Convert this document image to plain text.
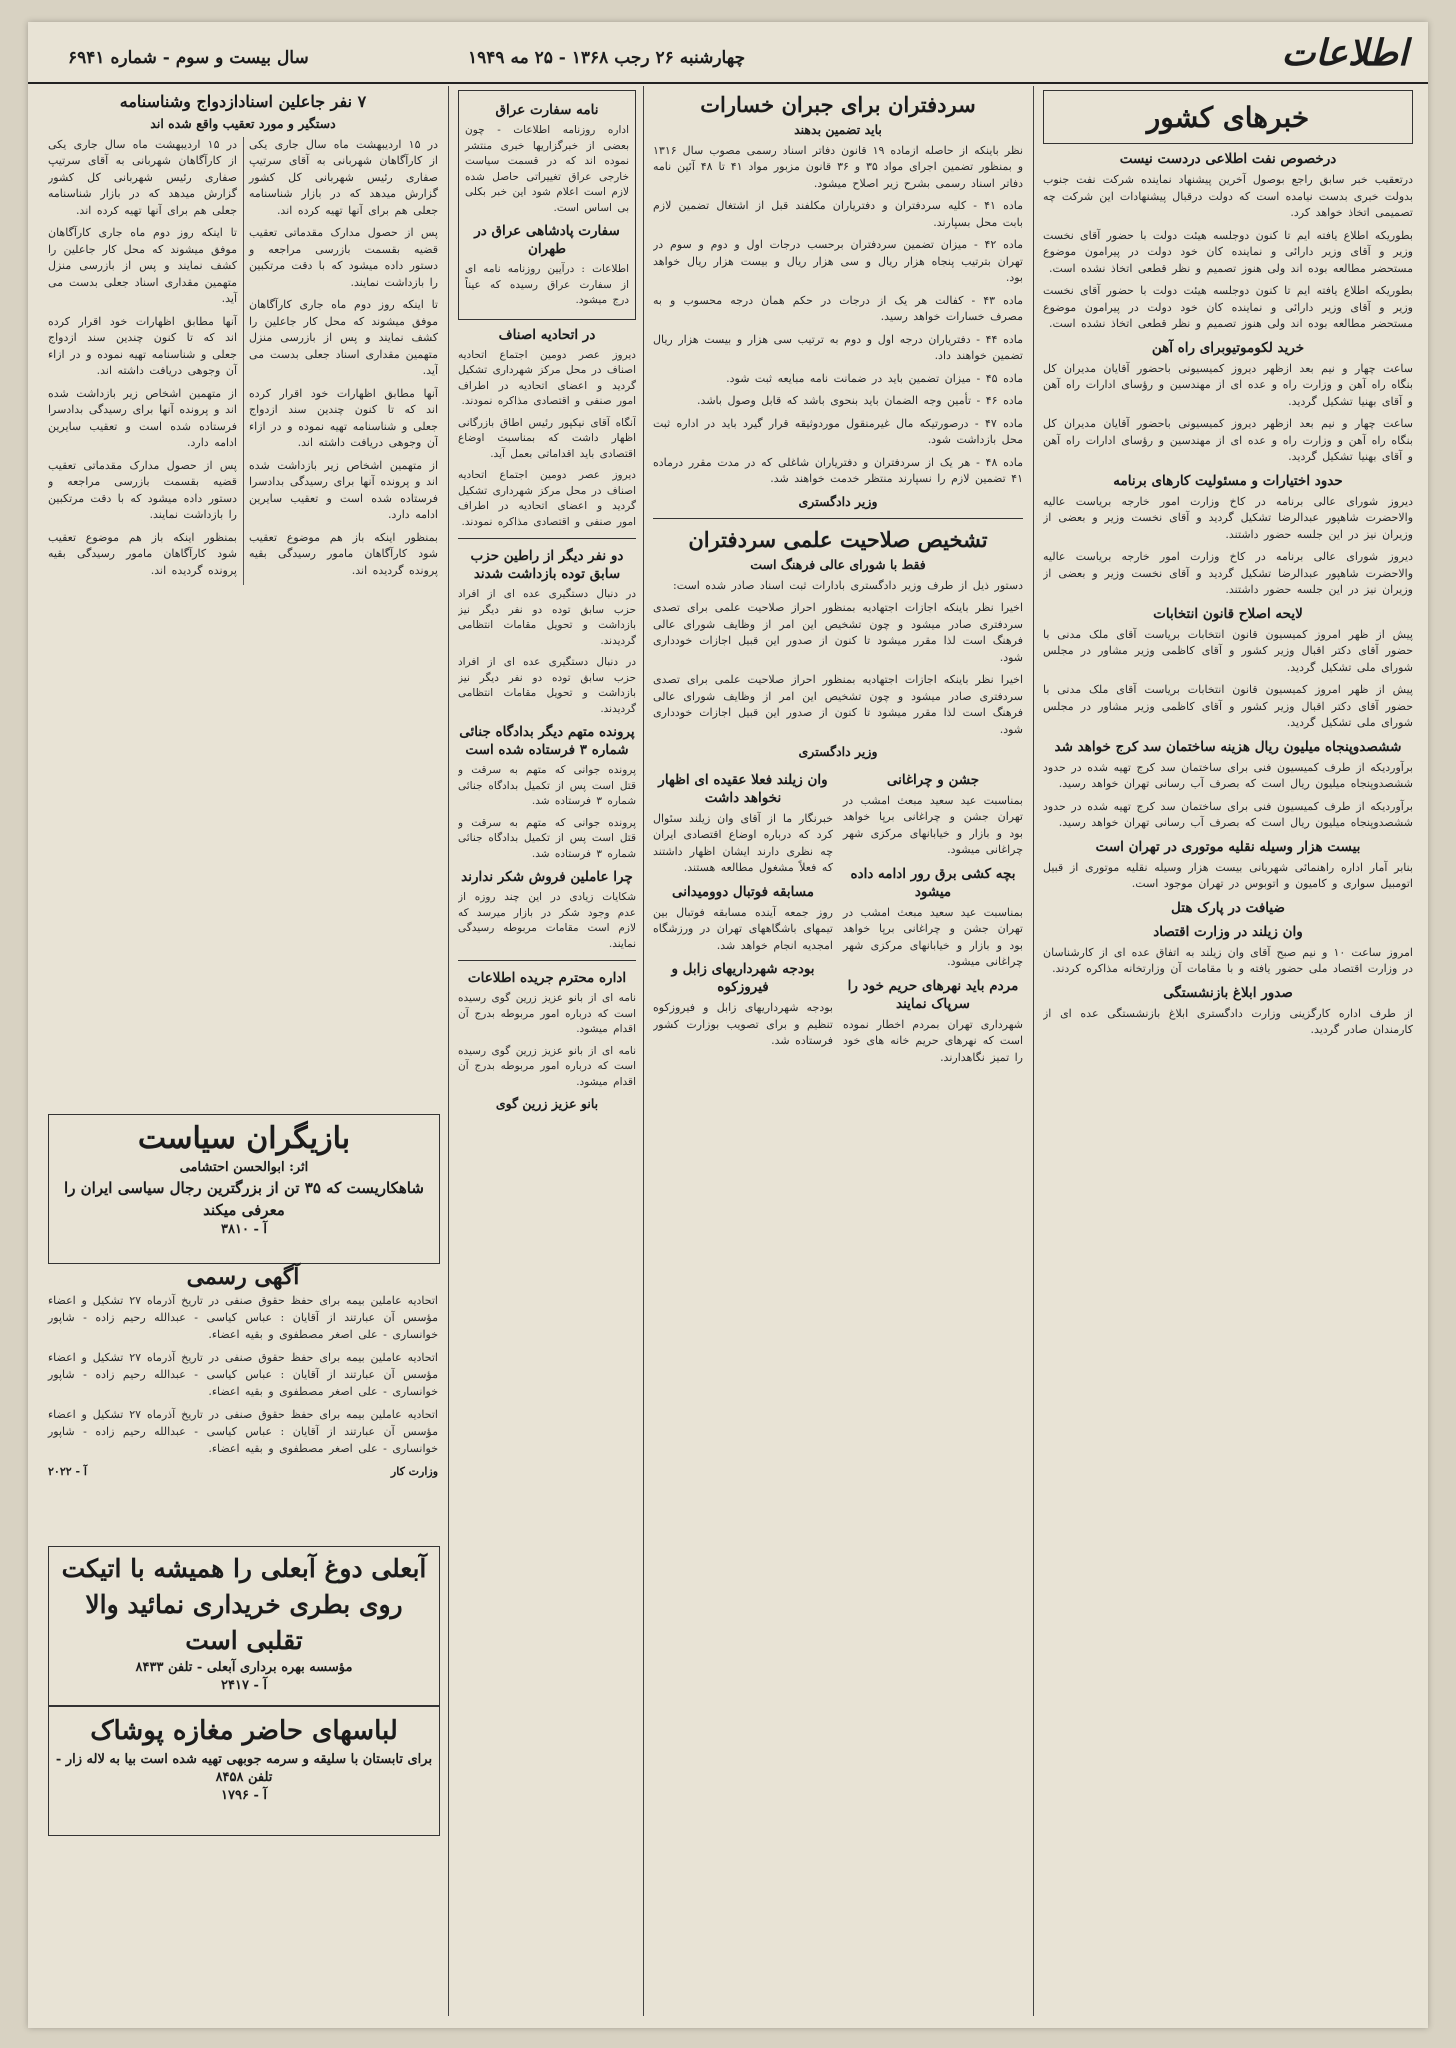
سال بیست و سوم - شماره ۶۹۴۱	چهارشنبه ۲۶ رجب ۱۳۶۸ - ۲۵ مه ۱۹۴۹	اطلاعات
خبرهای کشور
درخصوص نفت اطلاعی دردست نیست

درتعقیب خبر سابق راجع بوصول آخرین پیشنهاد نماینده شرکت نفت جنوب بدولت خبری بدست نیامده است که دولت درقبال پیشنهادات این شرکت چه تصمیمی اتخاذ خواهد کرد.

بطوریکه اطلاع یافته ایم تا کنون دوجلسه هیئت دولت با حضور آقای نخست وزیر و آقای وزیر دارائی و نماینده کان خود دولت در پیرامون موضوع مستحضر مطالعه بوده اند ولی هنوز تصمیم و نظر قطعی اتخاذ نشده است.

بطوریکه اطلاع یافته ایم تا کنون دوجلسه هیئت دولت با حضور آقای نخست وزیر و آقای وزیر دارائی و نماینده کان خود دولت در پیرامون موضوع مستحضر مطالعه بوده اند ولی هنوز تصمیم و نظر قطعی اتخاذ نشده است.

خرید لکوموتیوبرای راه آهن

ساعت چهار و نیم بعد ازظهر دیروز کمیسیونی باحضور آقایان مدیران کل بنگاه راه آهن و وزارت راه و عده ای از مهندسین و رؤسای ادارات راه آهن و آقای بهنیا تشکیل گردید.

ساعت چهار و نیم بعد ازظهر دیروز کمیسیونی باحضور آقایان مدیران کل بنگاه راه آهن و وزارت راه و عده ای از مهندسین و رؤسای ادارات راه آهن و آقای بهنیا تشکیل گردید.

حدود اختیارات و مسئولیت کارهای برنامه

دیروز شورای عالی برنامه در کاخ وزارت امور خارجه بریاست عالیه والاحضرت شاهپور عبدالرضا تشکیل گردید و آقای نخست وزیر و بعضی از وزیران نیز در این جلسه حضور داشتند.

دیروز شورای عالی برنامه در کاخ وزارت امور خارجه بریاست عالیه والاحضرت شاهپور عبدالرضا تشکیل گردید و آقای نخست وزیر و بعضی از وزیران نیز در این جلسه حضور داشتند.

لایحه اصلاح قانون انتخابات

پیش از ظهر امروز کمیسیون قانون انتخابات بریاست آقای ملک مدنی با حضور آقای دکتر اقبال وزیر کشور و آقای کاظمی وزیر مشاور در مجلس شورای ملی تشکیل گردید.

پیش از ظهر امروز کمیسیون قانون انتخابات بریاست آقای ملک مدنی با حضور آقای دکتر اقبال وزیر کشور و آقای کاظمی وزیر مشاور در مجلس شورای ملی تشکیل گردید.

ششصدوپنجاه میلیون ریال هزینه ساختمان سد کرج خواهد شد

برآوردیکه از طرف کمیسیون فنی برای ساختمان سد کرج تهیه شده در حدود ششصدوپنجاه میلیون ریال است که بصرف آب رسانی تهران خواهد رسید.

برآوردیکه از طرف کمیسیون فنی برای ساختمان سد کرج تهیه شده در حدود ششصدوپنجاه میلیون ریال است که بصرف آب رسانی تهران خواهد رسید.

بیست هزار وسیله نقلیه موتوری در تهران است

بنابر آمار اداره راهنمائی شهربانی بیست هزار وسیله نقلیه موتوری از قبیل اتومبیل سواری و کامیون و اتوبوس در تهران موجود است.

ضیافت در پارک هتل
وان زیلند در وزارت اقتصاد

امروز ساعت ۱۰ و نیم صبح آقای وان زیلند به اتفاق عده ای از کارشناسان در وزارت اقتصاد ملی حضور یافته و با مقامات آن وزارتخانه مذاکره کردند.

صدور ابلاغ بازنشستگی

از طرف اداره کارگزینی وزارت دادگستری ابلاغ بازنشستگی عده ای از کارمندان صادر گردید.

سردفتران برای جبران خسارات
باید تضمین بدهند

نظر باینکه از حاصله ازماده ۱۹ قانون دفاتر اسناد رسمی مصوب سال ۱۳۱۶ و بمنظور تضمین اجرای مواد ۳۵ و ۳۶ قانون مزبور مواد ۴۱ تا ۴۸ آئین نامه دفاتر اسناد رسمی بشرح زیر اصلاح میشود.

ماده ۴۱ - کلیه سردفتران و دفتریاران مکلفند قبل از اشتغال تضمین لازم بابت محل بسپارند.

ماده ۴۲ - میزان تضمین سردفتران برحسب درجات اول و دوم و سوم در تهران بترتیب پنجاه هزار ریال و سی هزار ریال و بیست هزار ریال خواهد بود.

ماده ۴۳ - کفالت هر یک از درجات در حکم همان درجه محسوب و به مصرف خسارات خواهد رسید.

ماده ۴۴ - دفتریاران درجه اول و دوم به ترتیب سی هزار و بیست هزار ریال تضمین خواهند داد.

ماده ۴۵ - میزان تضمین باید در ضمانت نامه مبایعه ثبت شود.

ماده ۴۶ - تأمین وجه الضمان باید بنحوی باشد که قابل وصول باشد.

ماده ۴۷ - درصورتیکه مال غیرمنقول موردوثیقه قرار گیرد باید در اداره ثبت محل بازداشت شود.

ماده ۴۸ - هر یک از سردفتران و دفتریاران شاغلی که در مدت مقرر درماده ۴۱ تضمین لازم را نسپارند منتظر خدمت خواهند شد.

وزیر دادگستری
تشخیص صلاحیت علمی سردفتران
فقط با شورای عالی فرهنگ است

دستور ذیل از طرف وزیر دادگستری بادارات ثبت اسناد صادر شده است:

اخیرا نظر باینکه اجازات اجتهادیه بمنظور احراز صلاحیت علمی برای تصدی سردفتری صادر میشود و چون تشخیص این امر از وظایف شورای عالی فرهنگ است لذا مقرر میشود تا کنون از صدور این قبیل اجازات خودداری شود.

اخیرا نظر باینکه اجازات اجتهادیه بمنظور احراز صلاحیت علمی برای تصدی سردفتری صادر میشود و چون تشخیص این امر از وظایف شورای عالی فرهنگ است لذا مقرر میشود تا کنون از صدور این قبیل اجازات خودداری شود.

وزیر دادگستری
جشن و چراغانی

بمناسبت عید سعید مبعث امشب در تهران جشن و چراغانی برپا خواهد بود و بازار و خیابانهای مرکزی شهر چراغانی میشود.

بچه کشی برق رور ادامه داده میشود

بمناسبت عید سعید مبعث امشب در تهران جشن و چراغانی برپا خواهد بود و بازار و خیابانهای مرکزی شهر چراغانی میشود.

مردم باید نهرهای حریم خود را سرپاک نمایند

شهرداری تهران بمردم اخطار نموده است که نهرهای حریم خانه های خود را تمیز نگاهدارند.

وان زیلند فعلا عقیده ای اظهار نخواهد داشت

خبرنگار ما از آقای وان زیلند سئوال کرد که درباره اوضاع اقتصادی ایران چه نظری دارند ایشان اظهار داشتند که فعلاً مشغول مطالعه هستند.

مسابقه فوتبال دوومیدانی

روز جمعه آینده مسابقه فوتبال بین تیمهای باشگاههای تهران در ورزشگاه امجدیه انجام خواهد شد.

بودجه شهرداریهای زابل و فیروزکوه

بودجه شهرداریهای زابل و فیروزکوه تنظیم و برای تصویب بوزارت کشور فرستاده شد.

نامه سفارت عراق

اداره روزنامه اطلاعات - چون بعضی از خبرگزاریها خبری منتشر نموده اند که در قسمت سیاست خارجی عراق تغییراتی حاصل شده لازم است اعلام شود این خبر بکلی بی اساس است.

سفارت پادشاهی عراق در طهران

اطلاعات : درآیین روزنامه نامه ای از سفارت عراق رسیده که عیناً درج میشود.

در اتحادیه اصناف

دیروز عصر دومین اجتماع اتحادیه اصناف در محل مرکز شهرداری تشکیل گردید و اعضای اتحادیه در اطراف امور صنفی و اقتصادی مذاکره نمودند.

آنگاه آقای نیکپور رئیس اطاق بازرگانی اظهار داشت که بمناسبت اوضاع اقتصادی باید اقداماتی بعمل آید.

دیروز عصر دومین اجتماع اتحادیه اصناف در محل مرکز شهرداری تشکیل گردید و اعضای اتحادیه در اطراف امور صنفی و اقتصادی مذاکره نمودند.

دو نفر دیگر از راطین حزب سابق توده بازداشت شدند

در دنبال دستگیری عده ای از افراد حزب سابق توده دو نفر دیگر نیز بازداشت و تحویل مقامات انتظامی گردیدند.

در دنبال دستگیری عده ای از افراد حزب سابق توده دو نفر دیگر نیز بازداشت و تحویل مقامات انتظامی گردیدند.

پرونده متهم دیگر بدادگاه جنائی شماره ۳ فرستاده شده است

پرونده جوانی که متهم به سرقت و قتل است پس از تکمیل بدادگاه جنائی شماره ۳ فرستاده شد.

پرونده جوانی که متهم به سرقت و قتل است پس از تکمیل بدادگاه جنائی شماره ۳ فرستاده شد.

چرا عاملین فروش شکر ندارند

شکایات زیادی در این چند روزه از عدم وجود شکر در بازار میرسد که لازم است مقامات مربوطه رسیدگی نمایند.

اداره محترم جریده اطلاعات

نامه ای از بانو عزیز زرین گوی رسیده است که درباره امور مربوطه بدرج آن اقدام میشود.

نامه ای از بانو عزیز زرین گوی رسیده است که درباره امور مربوطه بدرج آن اقدام میشود.

بانو عزیز زرین گوی
۷ نفر جاعلین اسنادازدواج وشناسنامه
دستگیر و مورد تعقیب واقع شده اند

در ۱۵ اردیبهشت ماه سال جاری یکی از کارآگاهان شهربانی به آقای سرتیپ صفاری رئیس شهربانی کل کشور گزارش میدهد که در بازار شناسنامه جعلی هم برای آنها تهیه کرده اند.

پس از حصول مدارک مقدماتی تعقیب قضیه بقسمت بازرسی مراجعه و دستور داده میشود که با دقت مرتکبین را بازداشت نمایند.

تا اینکه روز دوم ماه جاری کارآگاهان موفق میشوند که محل کار جاعلین را کشف نمایند و پس از بازرسی منزل متهمین مقداری اسناد جعلی بدست می آید.

آنها مطابق اظهارات خود اقرار کرده اند که تا کنون چندین سند ازدواج جعلی و شناسنامه تهیه نموده و در ازاء آن وجوهی دریافت داشته اند.

از متهمین اشخاص زیر بازداشت شده اند و پرونده آنها برای رسیدگی بدادسرا فرستاده شده است و تعقیب سایرین ادامه دارد.

بمنظور اینکه باز هم موضوع تعقیب شود کارآگاهان مامور رسیدگی بقیه پرونده گردیده اند.

در ۱۵ اردیبهشت ماه سال جاری یکی از کارآگاهان شهربانی به آقای سرتیپ صفاری رئیس شهربانی کل کشور گزارش میدهد که در بازار شناسنامه جعلی هم برای آنها تهیه کرده اند.

تا اینکه روز دوم ماه جاری کارآگاهان موفق میشوند که محل کار جاعلین را کشف نمایند و پس از بازرسی منزل متهمین مقداری اسناد جعلی بدست می آید.

آنها مطابق اظهارات خود اقرار کرده اند که تا کنون چندین سند ازدواج جعلی و شناسنامه تهیه نموده و در ازاء آن وجوهی دریافت داشته اند.

از متهمین اشخاص زیر بازداشت شده اند و پرونده آنها برای رسیدگی بدادسرا فرستاده شده است و تعقیب سایرین ادامه دارد.

پس از حصول مدارک مقدماتی تعقیب قضیه بقسمت بازرسی مراجعه و دستور داده میشود که با دقت مرتکبین را بازداشت نمایند.

بمنظور اینکه باز هم موضوع تعقیب شود کارآگاهان مامور رسیدگی بقیه پرونده گردیده اند.

بازیگران سیاست
اثر: ابوالحسن احتشامی
شاهکاریست که ۳۵ تن از بزرگترین رجال سیاسی ایران را معرفی میکند
آ - ۳۸۱۰
آگهی رسمی

اتحادیه عاملین بیمه برای حفظ حقوق صنفی در تاریخ آذرماه ۲۷ تشکیل و اعضاء مؤسس آن عبارتند از آقایان : عباس کیاسی - عبدالله رحیم زاده - شاپور خوانساری - علی اصغر مصطفوی و بقیه اعضاء.

اتحادیه عاملین بیمه برای حفظ حقوق صنفی در تاریخ آذرماه ۲۷ تشکیل و اعضاء مؤسس آن عبارتند از آقایان : عباس کیاسی - عبدالله رحیم زاده - شاپور خوانساری - علی اصغر مصطفوی و بقیه اعضاء.

اتحادیه عاملین بیمه برای حفظ حقوق صنفی در تاریخ آذرماه ۲۷ تشکیل و اعضاء مؤسس آن عبارتند از آقایان : عباس کیاسی - عبدالله رحیم زاده - شاپور خوانساری - علی اصغر مصطفوی و بقیه اعضاء.

وزارت کار
آ - ۲۰۲۲
آبعلی دوغ آبعلی را همیشه با اتیکت
روی بطری خریداری نمائید والا تقلبی است
مؤسسه بهره برداری آبعلی - تلفن ۸۴۳۳
آ - ۲۴۱۷
لباسهای حاضر مغازه پوشاک
برای تابستان با سلیقه و سرمه جوبهی تهیه شده است بیا به لاله زار - تلفن ۸۴۵۸
آ - ۱۷۹۶
